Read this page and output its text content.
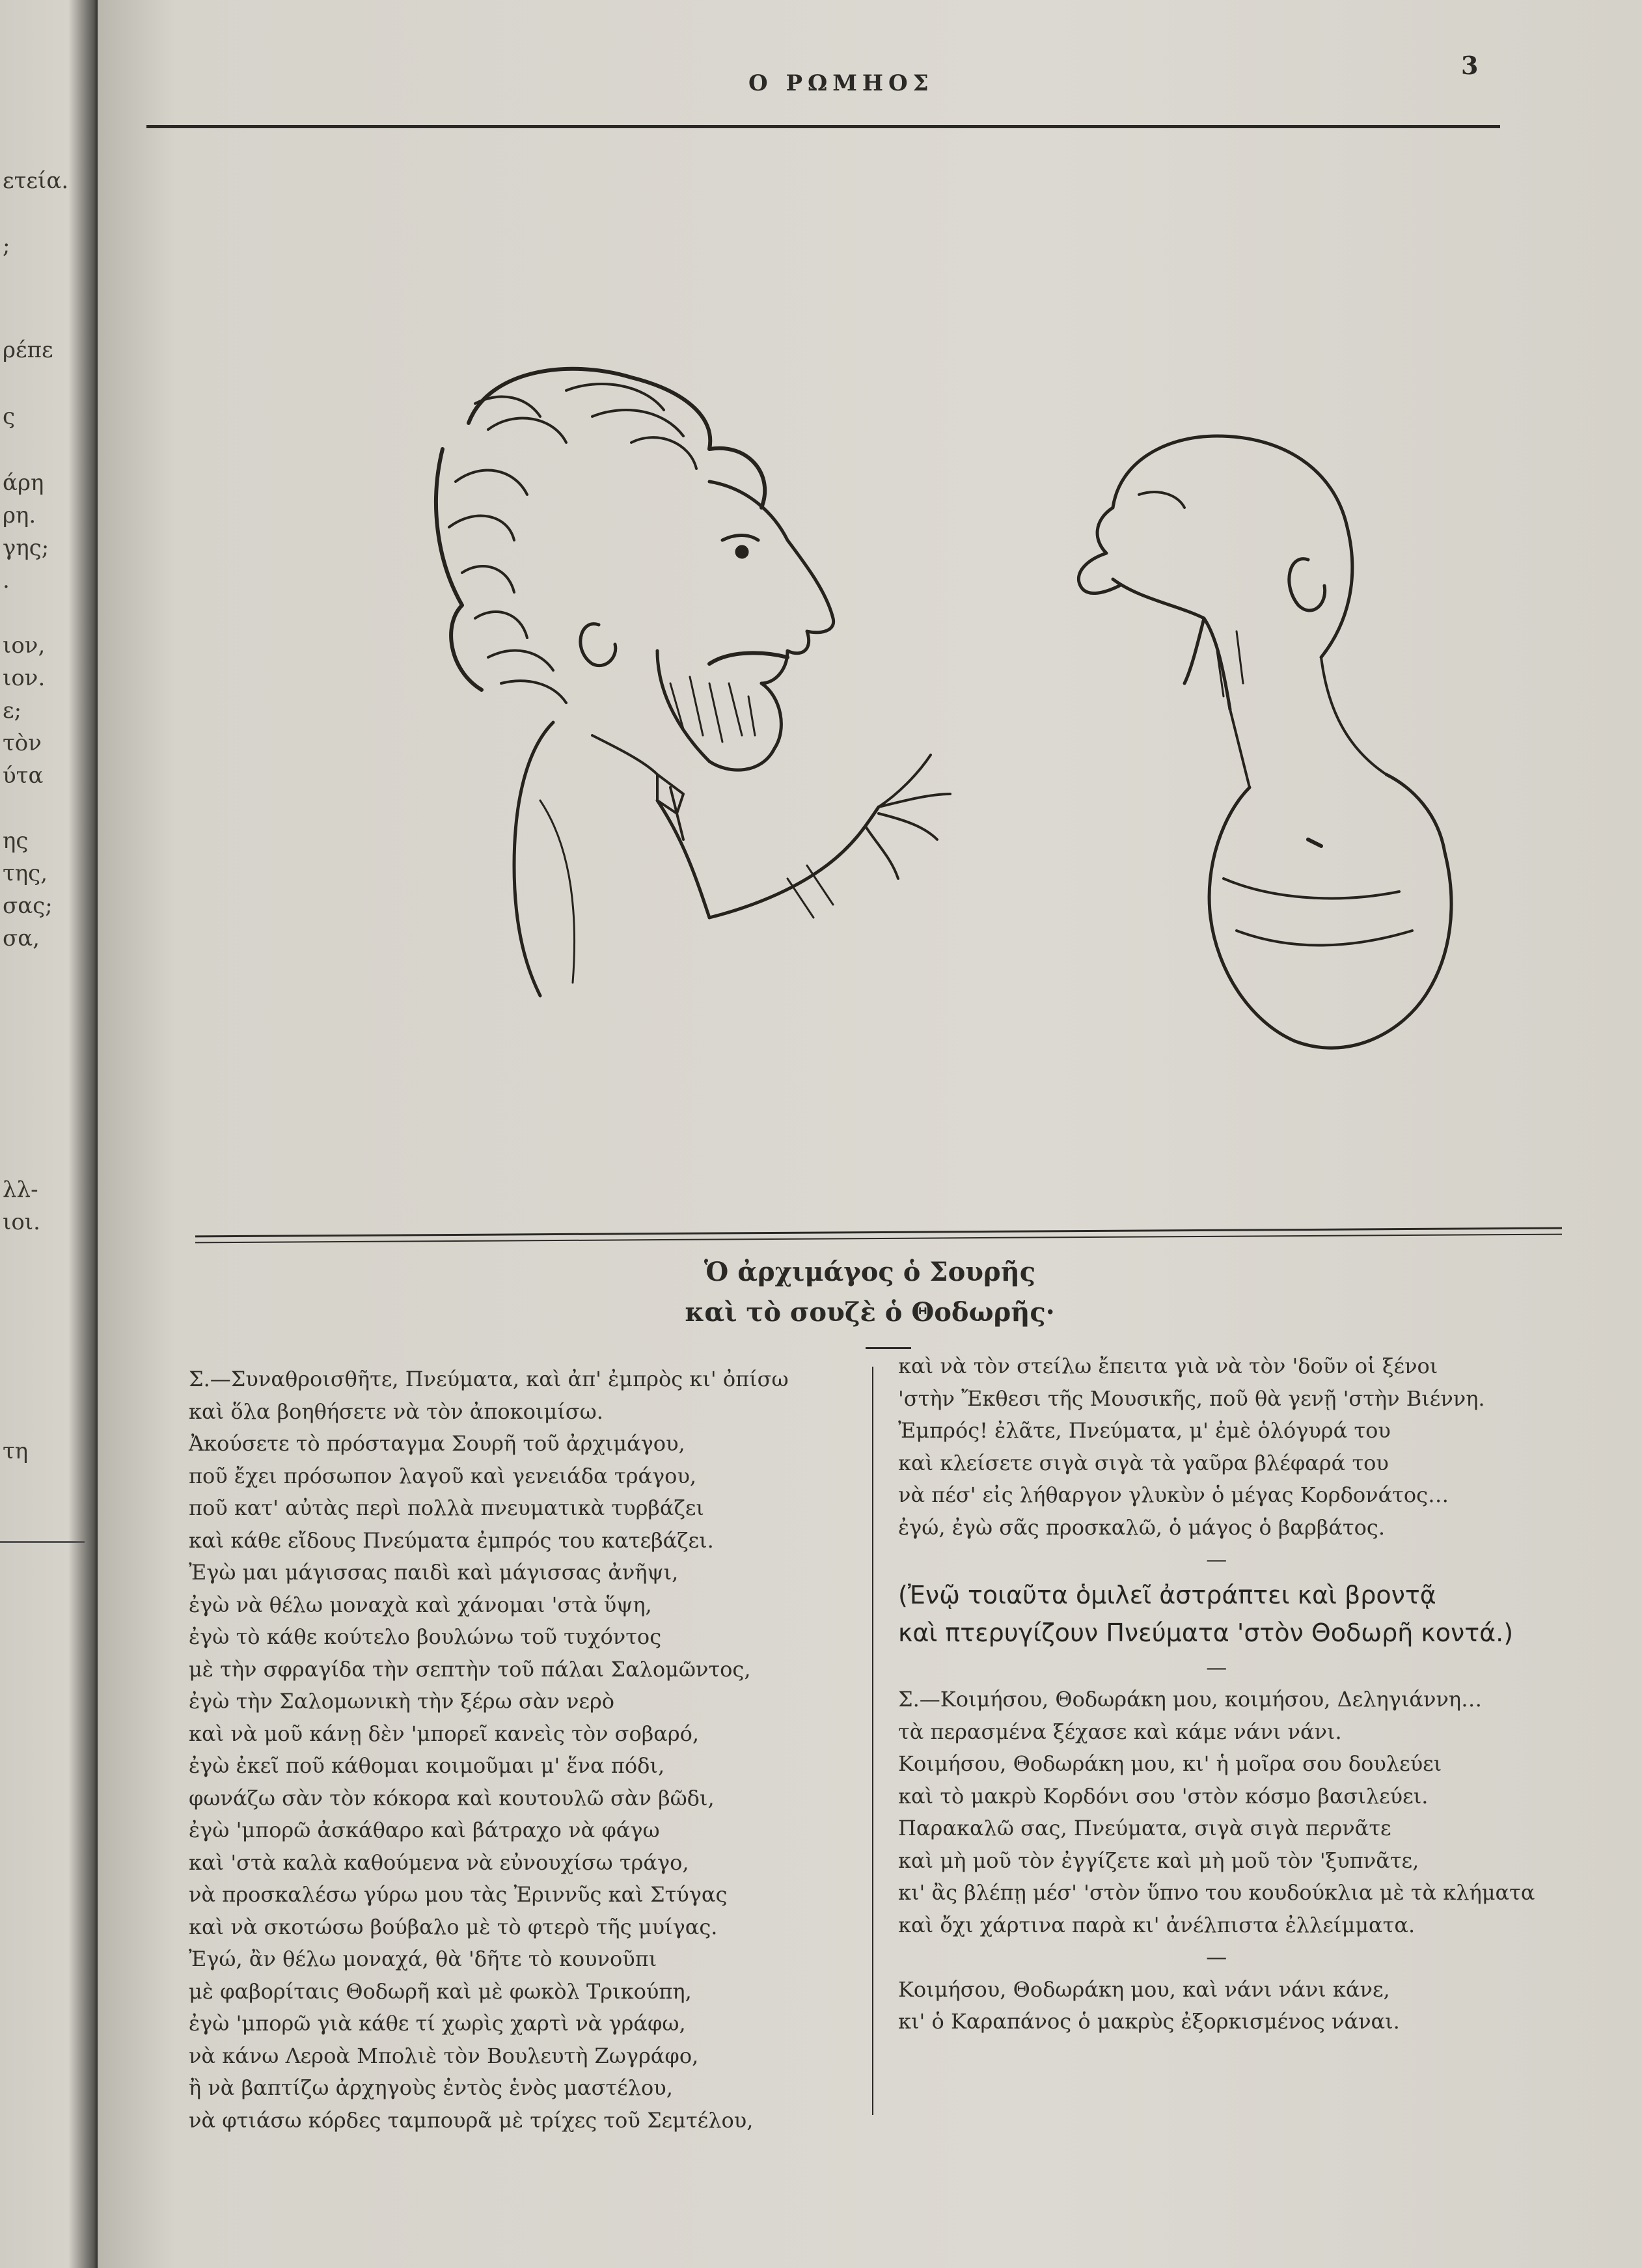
ετεία.
;
ρέπε
ς
άρη
ρη.
γης;
.
ιον,
ιον.
ε;
τὸν
ύτα
ης
της,
σας;
σα,
λλ-
ιοι.
τη
Ο ΡΩΜΗΟΣ
3
Ὁ ἀρχιμάγος ὁ Σουρῆς
καὶ τὸ σουζὲ ὁ Θοδωρῆς·

Σ.—Συναθροισθῆτε, Πνεύματα, καὶ ἀπ' ἐμπρὸς κι' ὀπίσω

καὶ ὅλα βοηθήσετε νὰ τὸν ἀποκοιμίσω.

Ἀκούσετε τὸ πρόσταγμα Σουρῆ τοῦ ἀρχιμάγου,

ποῦ ἔχει πρόσωπον λαγοῦ καὶ γενειάδα τράγου,

ποῦ κατ' αὐτὰς περὶ πολλὰ πνευματικὰ τυρβάζει

καὶ κάθε εἴδους Πνεύματα ἐμπρός του κατεβάζει.

Ἐγὼ μαι μάγισσας παιδὶ καὶ μάγισσας ἀνῆψι,

ἐγὼ νὰ θέλω μοναχὰ καὶ χάνομαι 'στὰ ὕψη,

ἐγὼ τὸ κάθε κούτελο βουλώνω τοῦ τυχόντος

μὲ τὴν σφραγίδα τὴν σεπτὴν τοῦ πάλαι Σαλομῶντος,

ἐγὼ τὴν Σαλομωνικὴ τὴν ξέρω σὰν νερὸ

καὶ νὰ μοῦ κάνῃ δὲν 'μπορεῖ κανεὶς τὸν σοβαρό,

ἐγὼ ἐκεῖ ποῦ κάθομαι κοιμοῦμαι μ' ἕνα πόδι,

φωνάζω σὰν τὸν κόκορα καὶ κουτουλῶ σὰν βῶδι,

ἐγὼ 'μπορῶ ἀσκάθαρο καὶ βάτραχο νὰ φάγω

καὶ 'στὰ καλὰ καθούμενα νὰ εὐνουχίσω τράγο,

νὰ προσκαλέσω γύρω μου τὰς Ἐριννῦς καὶ Στύγας

καὶ νὰ σκοτώσω βούβαλο μὲ τὸ φτερὸ τῆς μυίγας.

Ἐγώ, ἂν θέλω μοναχά, θὰ 'δῆτε τὸ κουνοῦπι

μὲ φαβορίταις Θοδωρῆ καὶ μὲ φωκὸλ Τρικούπη,

ἐγὼ 'μπορῶ γιὰ κάθε τί χωρὶς χαρτὶ νὰ γράφω,

νὰ κάνω Λεροὰ Μπολιὲ τὸν Βουλευτὴ Ζωγράφο,

ἢ νὰ βαπτίζω ἀρχηγοὺς ἐντὸς ἑνὸς μαστέλου,

νὰ φτιάσω κόρδες ταμπουρᾶ μὲ τρίχες τοῦ Σεμτέλου,

καὶ νὰ τὸν στείλω ἔπειτα γιὰ νὰ τὸν 'δοῦν οἱ ξένοι

'στὴν Ἔκθεσι τῆς Μουσικῆς, ποῦ θὰ γενῇ 'στὴν Βιέννη.

Ἐμπρός! ἐλᾶτε, Πνεύματα, μ' ἐμὲ ὁλόγυρά του

καὶ κλείσετε σιγὰ σιγὰ τὰ γαῦρα βλέφαρά του

νὰ πέσ' εἰς λήθαργον γλυκὺν ὁ μέγας Κορδονάτος…

ἐγώ, ἐγὼ σᾶς προσκαλῶ, ὁ μάγος ὁ βαρβάτος.

—

(Ἐνῷ τοιαῦτα ὁμιλεῖ ἀστράπτει καὶ βροντᾷ
καὶ πτερυγίζουν Πνεύματα 'στὸν Θοδωρῆ κοντά.)

—

Σ.—Κοιμήσου, Θοδωράκη μου, κοιμήσου, Δεληγιάννη…

τὰ περασμένα ξέχασε καὶ κάμε νάνι νάνι.

Κοιμήσου, Θοδωράκη μου, κι' ἡ μοῖρα σου δουλεύει

καὶ τὸ μακρὺ Κορδόνι σου 'στὸν κόσμο βασιλεύει.

Παρακαλῶ σας, Πνεύματα, σιγὰ σιγὰ περνᾶτε

καὶ μὴ μοῦ τὸν ἐγγίζετε καὶ μὴ μοῦ τὸν 'ξυπνᾶτε,

κι' ἂς βλέπῃ μέσ' 'στὸν ὕπνο του κουδούκλια μὲ τὰ κλήματα

καὶ ὄχι χάρτινα παρὰ κι' ἀνέλπιστα ἐλλείμματα.

—

Κοιμήσου, Θοδωράκη μου, καὶ νάνι νάνι κάνε,

κι' ὁ Καραπάνος ὁ μακρὺς ἐξορκισμένος νάναι.
